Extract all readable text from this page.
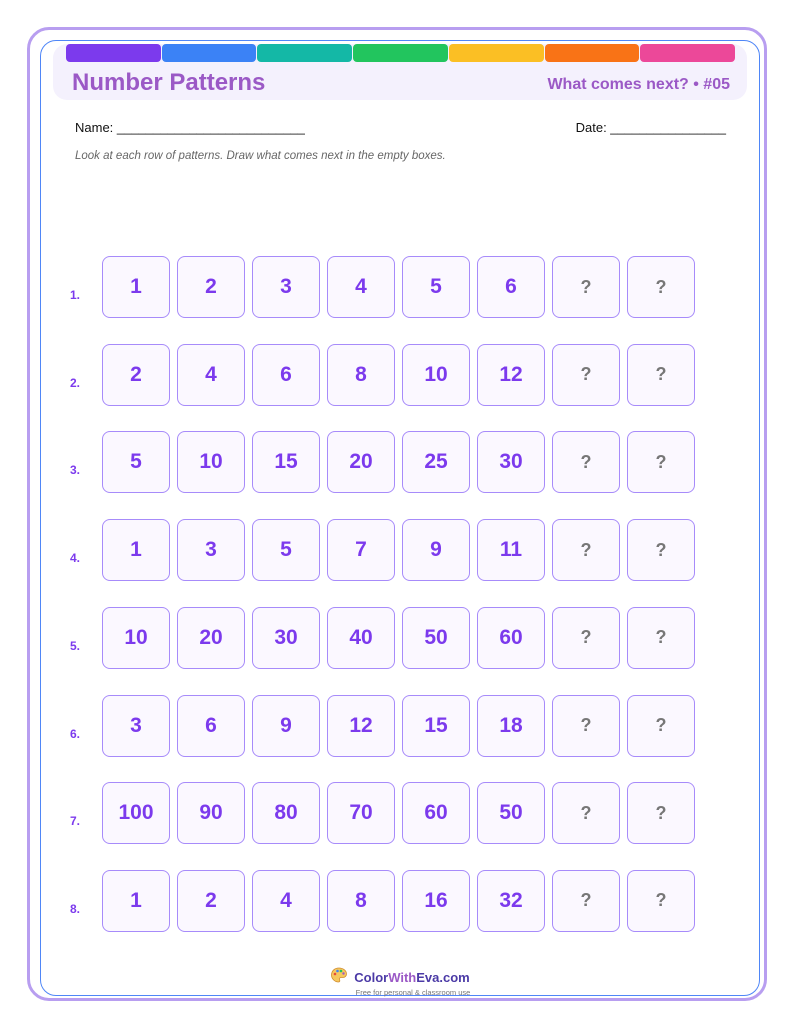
Number Patterns	What comes next? • #05
Name: __________________________	Date: ________________
Look at each row of patterns. Draw what comes next in the empty boxes.
1.	1	2	3	4	5	6	?	?
2.	2	4	6	8	10	12	?	?
3.	5	10	15	20	25	30	?	?
4.	1	3	5	7	9	11	?	?
5.	10	20	30	40	50	60	?	?
6.	3	6	9	12	15	18	?	?
7.	100	90	80	70	60	50	?	?
8.	1	2	4	8	16	32	?	?
ColorWithEva.com
Free for personal & classroom use
